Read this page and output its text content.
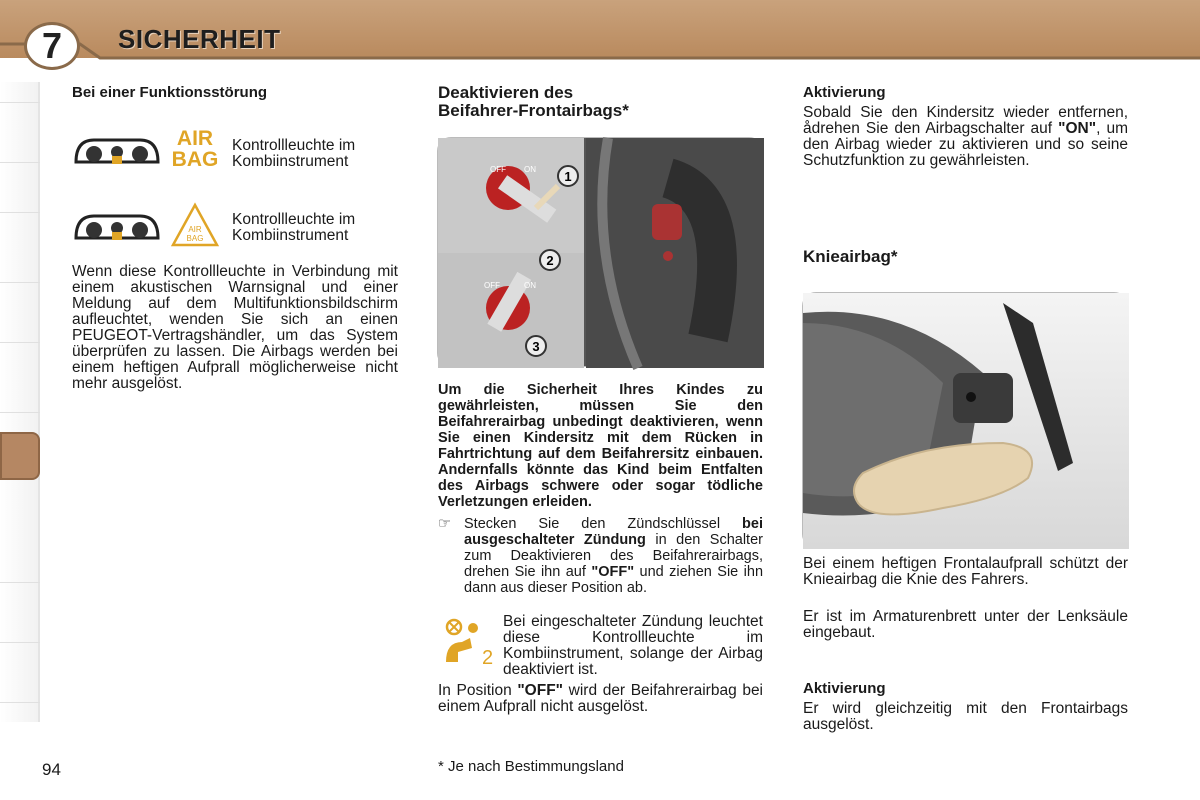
7	SICHERHEIT
Bei einer Funktionsstörung
AIR
BAG

Kontrollleuchte im Kombiinstrument

AIR
BAG

Kontrollleuchte im Kombiinstrument

Wenn diese Kontrollleuchte in Verbindung mit einem akustischen Warnsignal und einer Meldung auf dem Multifunktionsbildschirm aufleuchtet, wenden Sie sich an einen PEUGEOT-Vertragshändler, um das System überprüfen zu lassen. Die Airbags werden bei einem heftigen Aufprall möglicherweise nicht mehr ausgelöst.

Deaktivieren des
Beifahrer-Frontairbags*
OFF ON
OFF	ON
1
2
3

Um die Sicherheit Ihres Kindes zu gewährleisten, müssen Sie den Beifahrerairbag unbedingt deaktivieren, wenn Sie einen Kindersitz mit dem Rücken in Fahrtrichtung auf dem Beifahrersitz einbauen. Andernfalls könnte das Kind beim Entfalten des Airbags schwere oder sogar tödliche Verletzungen erleiden.

☞ Stecken Sie den Zündschlüssel bei ausgeschalteter Zündung in den Schalter zum Deaktivieren des Beifahrerairbags, drehen Sie ihn auf "OFF" und ziehen Sie ihn dann aus dieser Position ab.
2

Bei eingeschalteter Zündung leuchtet diese Kontrollleuchte im Kombiinstrument, solange der Airbag deaktiviert ist.

In Position "OFF" wird der Beifahrerairbag bei einem Aufprall nicht ausgelöst.

* Je nach Bestimmungsland
Aktivierung

Sobald Sie den Kindersitz wieder entfernen, ådrehen Sie den Airbagschalter auf "ON", um den Airbag wieder zu aktivieren und so seine Schutzfunktion zu gewährleisten.

Knieairbag*

Bei einem heftigen Frontalaufprall schützt der Knieairbag die Knie des Fahrers.

Er ist im Armaturenbrett unter der Lenksäule eingebaut.

Aktivierung

Er wird gleichzeitig mit den Frontairbags ausgelöst.

94
